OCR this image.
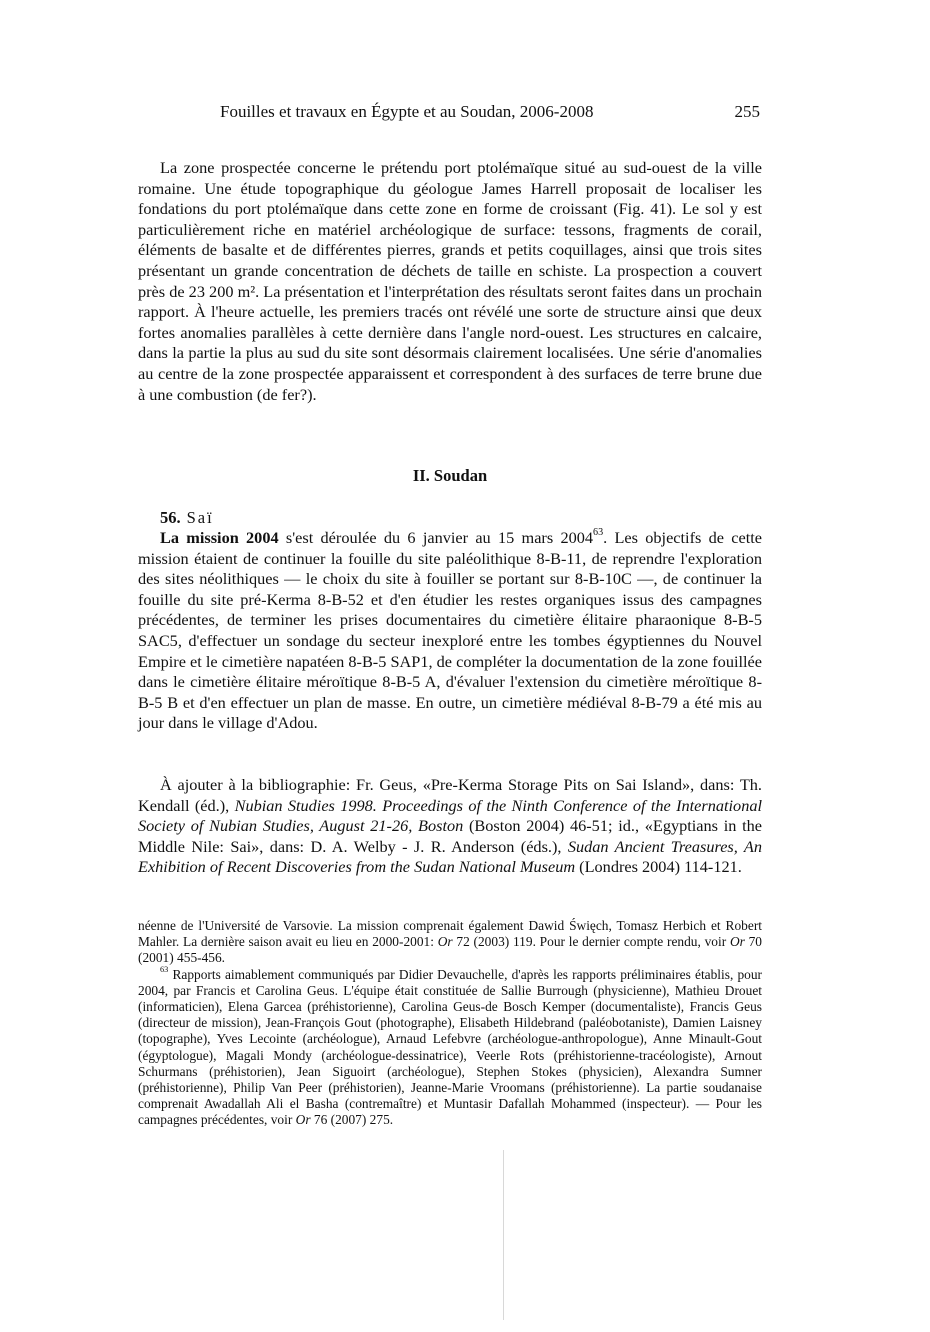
Fouilles et travaux en Égypte et au Soudan, 2006-2008	255

La zone prospectée concerne le prétendu port ptolémaïque situé au sud-ouest de la ville romaine. Une étude topographique du géologue James Harrell proposait de localiser les fondations du port ptolémaïque dans cette zone en forme de croissant (Fig. 41). Le sol y est particulièrement riche en matériel archéologique de surface: tessons, fragments de corail, éléments de basalte et de différentes pierres, grands et petits coquillages, ainsi que trois sites présentant un grande concentration de déchets de taille en schiste. La prospection a couvert près de 23 200 m². La présentation et l'interprétation des résultats seront faites dans un prochain rapport. À l'heure actuelle, les premiers tracés ont révélé une sorte de structure ainsi que deux fortes anomalies parallèles à cette dernière dans l'angle nord-ouest. Les structures en calcaire, dans la partie la plus au sud du site sont désormais clairement localisées. Une série d'anomalies au centre de la zone prospectée apparaissent et correspondent à des surfaces de terre brune due à une combustion (de fer?).

II. Soudan
56. Saï

La mission 2004 s'est déroulée du 6 janvier au 15 mars 2004$^{63}$. Les objectifs de cette mission étaient de continuer la fouille du site paléolithique 8-B-11, de reprendre l'exploration des sites néolithiques — le choix du site à fouiller se portant sur 8-B-10C —, de continuer la fouille du site pré-Kerma 8-B-52 et d'en étudier les restes organiques issus des campagnes précédentes, de terminer les prises documentaires du cimetière élitaire pharaonique 8-B-5 SAC5, d'effectuer un sondage du secteur inexploré entre les tombes égyptiennes du Nouvel Empire et le cimetière napatéen 8-B-5 SAP1, de compléter la documentation de la zone fouillée dans le cimetière élitaire méroïtique 8-B-5 A, d'évaluer l'extension du cimetière méroïtique 8-B-5 B et d'en effectuer un plan de masse. En outre, un cimetière médiéval 8-B-79 a été mis au jour dans le village d'Adou.

À ajouter à la bibliographie: Fr. Geus, «Pre-Kerma Storage Pits on Sai Island», dans: Th. Kendall (éd.), Nubian Studies 1998. Proceedings of the Ninth Conference of the International Society of Nubian Studies, August 21-26, Boston (Boston 2004) 46-51; id., «Egyptians in the Middle Nile: Sai», dans: D. A. Welby - J. R. Anderson (éds.), Sudan Ancient Treasures, An Exhibition of Recent Discoveries from the Sudan National Museum (Londres 2004) 114-121.

néenne de l'Université de Varsovie. La mission comprenait également Dawid Święch, Tomasz Herbich et Robert Mahler. La dernière saison avait eu lieu en 2000-2001: Or 72 (2003) 119. Pour le dernier compte rendu, voir Or 70 (2001) 455-456.

$^{63}$ Rapports aimablement communiqués par Didier Devauchelle, d'après les rapports préliminaires établis, pour 2004, par Francis et Carolina Geus. L'équipe était constituée de Sallie Burrough (physicienne), Mathieu Drouet (informaticien), Elena Garcea (préhistorienne), Carolina Geus-de Bosch Kemper (documentaliste), Francis Geus (directeur de mission), Jean-François Gout (photographe), Elisabeth Hildebrand (paléobotaniste), Damien Laisney (topographe), Yves Lecointe (archéologue), Arnaud Lefebvre (archéologue-anthropologue), Anne Minault-Gout (égyptologue), Magali Mondy (archéologue-dessinatrice), Veerle Rots (préhistorienne-tracéologiste), Arnout Schurmans (préhistorien), Jean Siguoirt (archéologue), Stephen Stokes (physicien), Alexandra Sumner (préhistorienne), Philip Van Peer (préhistorien), Jeanne-Marie Vroomans (préhistorienne). La partie soudanaise comprenait Awadallah Ali el Basha (contremaître) et Muntasir Dafallah Mohammed (inspecteur). — Pour les campagnes précédentes, voir Or 76 (2007) 275.
